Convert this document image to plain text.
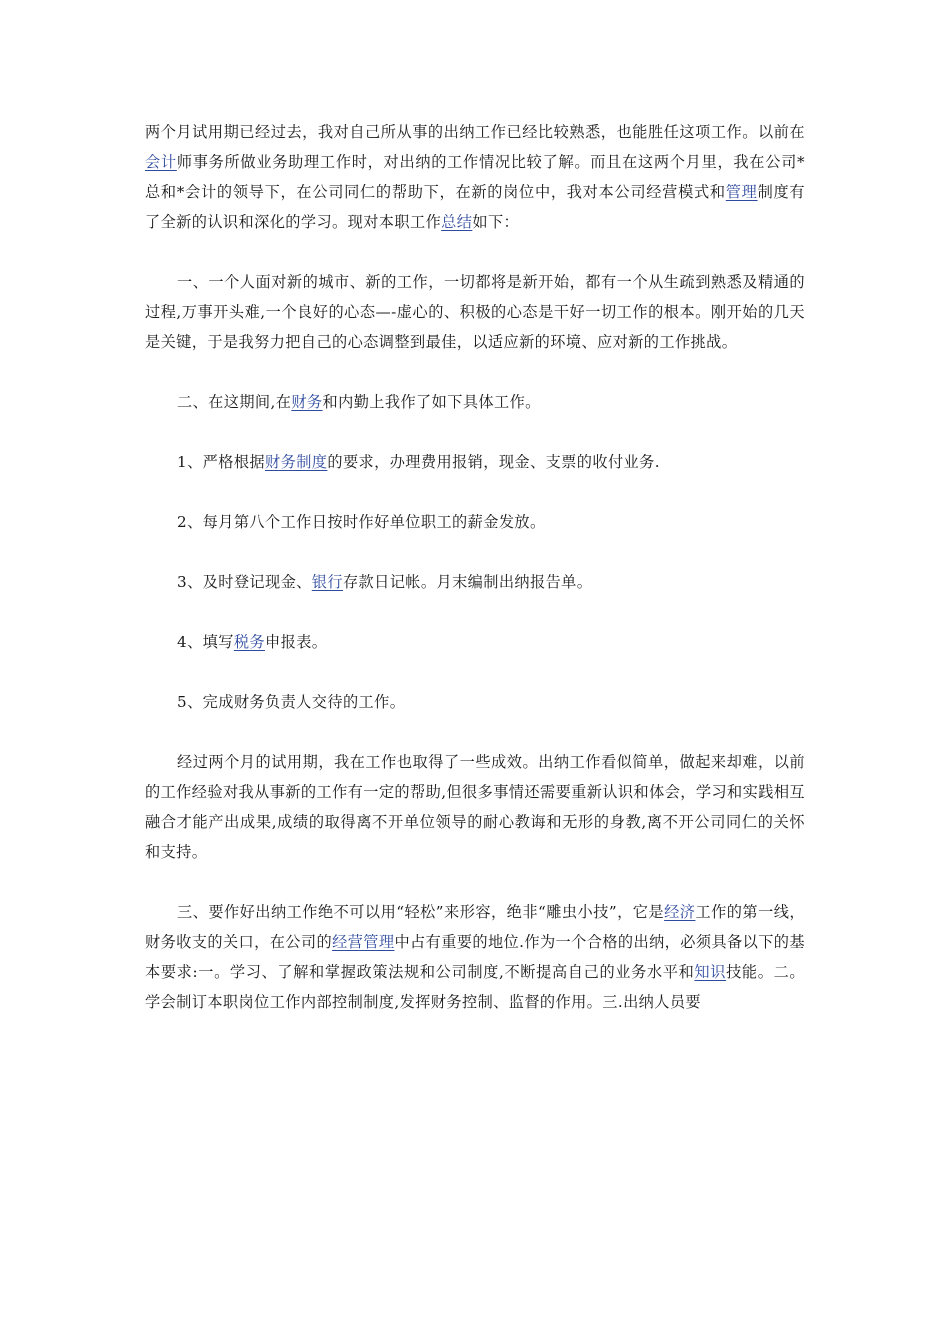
两个月试用期已经过去，我对自己所从事的出纳工作已经比较熟悉，也能胜任这项工作。以前在会计师事务所做业务助理工作时，对出纳的工作情况比较了解。而且在这两个月里，我在公司*总和*会计的领导下，在公司同仁的帮助下，在新的岗位中，我对本公司经营模式和管理制度有了全新的认识和深化的学习。现对本职工作总结如下：

一、一个人面对新的城市、新的工作，一切都将是新开始，都有一个从生疏到熟悉及精通的过程,万事开头难,一个良好的心态—-虚心的、积极的心态是干好一切工作的根本。刚开始的几天是关键，于是我努力把自己的心态调整到最佳，以适应新的环境、应对新的工作挑战。

二、在这期间,在财务和内勤上我作了如下具体工作。

1、严格根据财务制度的要求，办理费用报销，现金、支票的收付业务.

2、每月第八个工作日按时作好单位职工的薪金发放。

3、及时登记现金、银行存款日记帐。月末编制出纳报告单。

4、填写税务申报表。

5、完成财务负责人交待的工作。

经过两个月的试用期，我在工作也取得了一些成效。出纳工作看似简单，做起来却难，以前的工作经验对我从事新的工作有一定的帮助,但很多事情还需要重新认识和体会，学习和实践相互融合才能产出成果,成绩的取得离不开单位领导的耐心教诲和无形的身教,离不开公司同仁的关怀和支持。

三、要作好出纳工作绝不可以用“轻松”来形容，绝非“雕虫小技”，它是经济工作的第一线，财务收支的关口，在公司的经营管理中占有重要的地位.作为一个合格的出纳，必须具备以下的基本要求:一。学习、了解和掌握政策法规和公司制度,不断提高自己的业务水平和知识技能。二。学会制订本职岗位工作内部控制制度,发挥财务控制、监督的作用。三.出纳人员要
